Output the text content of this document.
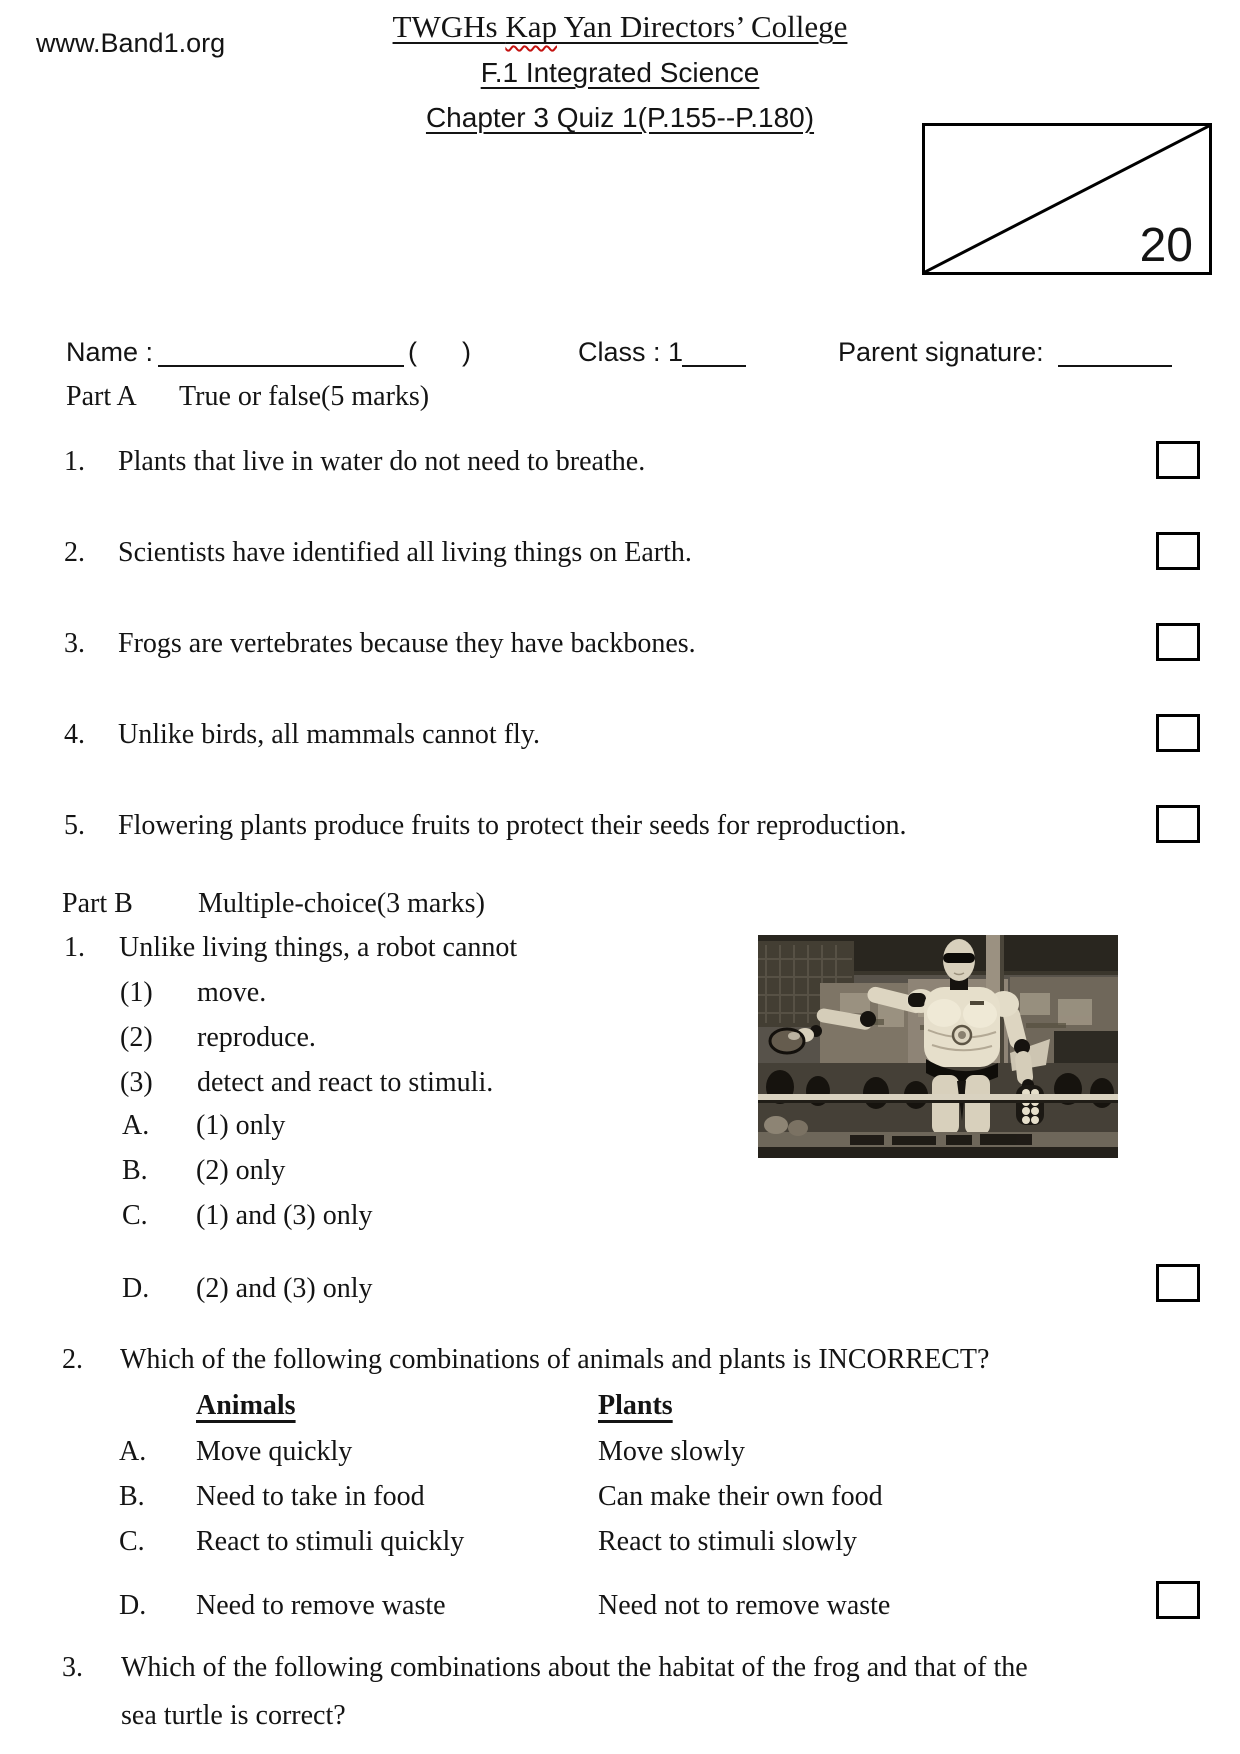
www.Band1.org	TWGHs Kap Yan Directors’ College
F.1 Integrated Science
Chapter 3 Quiz 1(P.155--P.180)
20
Name :	(      )	Class : 1	Parent signature:
Part A True or false(5 marks)
1. Plants that live in water do not need to breathe.
2. Scientists have identified all living things on Earth.
3. Frogs are vertebrates because they have backbones.
4. Unlike birds, all mammals cannot fly.
5. Flowering plants produce fruits to protect their seeds for reproduction.
Part B Multiple-choice(3 marks)
1. Unlike living things, a robot cannot
(1) move.
(2) reproduce.
(3) detect and react to stimuli.
A. (1) only
B. (2) only
C. (1) and (3) only
D. (2) and (3) only
2. Which of the following combinations of animals and plants is INCORRECT?
Animals	Plants
A. Move quickly	Move slowly
B. Need to take in food	Can make their own food
C. React to stimuli quickly	React to stimuli slowly
D. Need to remove waste	Need not to remove waste
3. Which of the following combinations about the habitat of the frog and that of the
sea turtle is correct?
